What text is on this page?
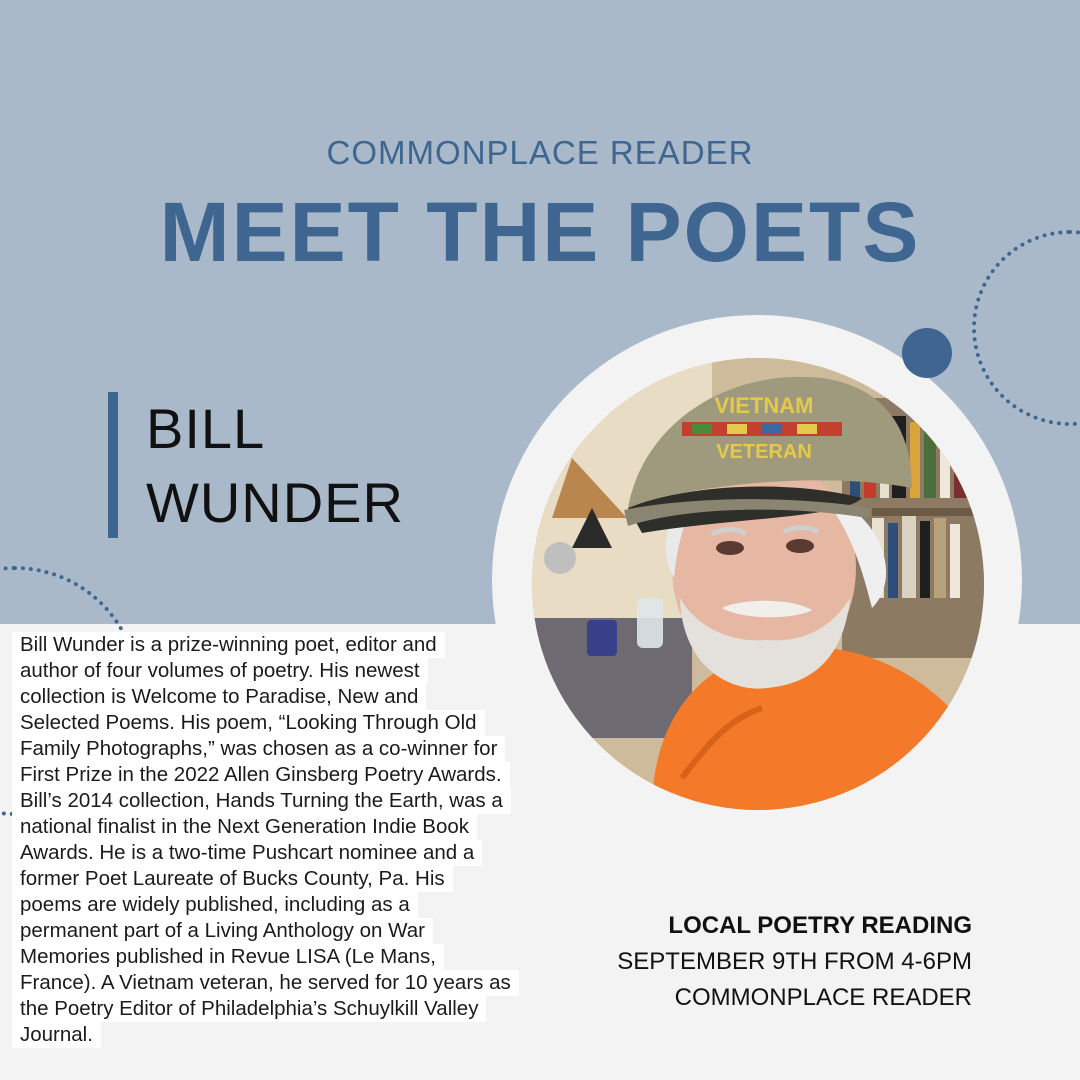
COMMONPLACE READER
MEET THE POETS
BILL
WUNDER
VIETNAM
VETERAN
Bill Wunder is a prize-winning poet, editor and
author of four volumes of poetry. His newest
collection is Welcome to Paradise, New and
Selected Poems. His poem, “Looking Through Old
Family Photographs,” was chosen as a co-winner for
First Prize in the 2022 Allen Ginsberg Poetry Awards.
Bill’s 2014 collection, Hands Turning the Earth, was a
national finalist in the Next Generation Indie Book
Awards. He is a two-time Pushcart nominee and a
former Poet Laureate of Bucks County, Pa. His
poems are widely published, including as a
permanent part of a Living Anthology on War
Memories published in Revue LISA (Le Mans,
France). A Vietnam veteran, he served for 10 years as
the Poetry Editor of Philadelphia’s Schuylkill Valley
Journal.
LOCAL POETRY READING
SEPTEMBER 9TH FROM 4-6PM
COMMONPLACE READER
